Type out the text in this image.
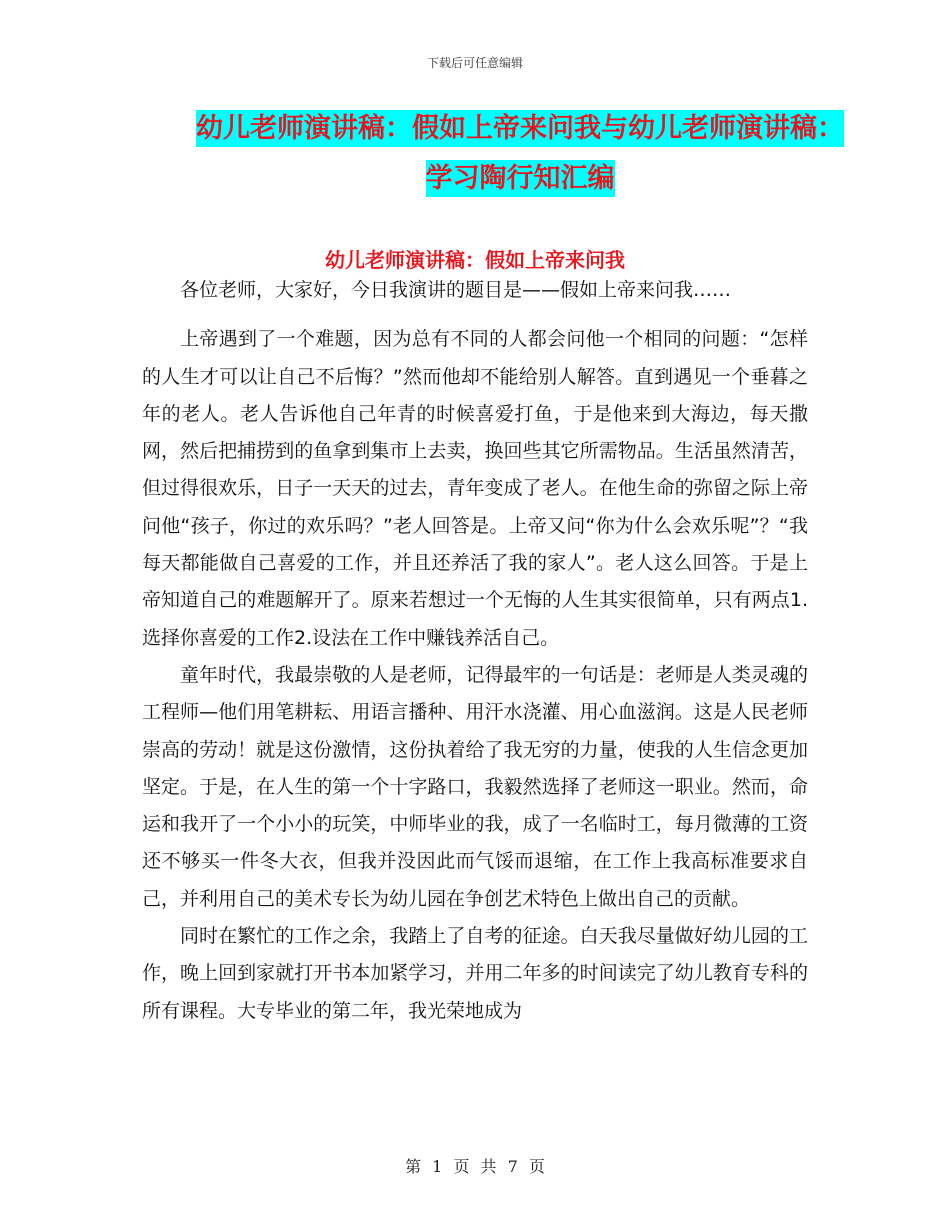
下载后可任意编辑
幼儿老师演讲稿：假如上帝来问我与幼儿老师演讲稿：
学习陶行知汇编
幼儿老师演讲稿：假如上帝来问我

各位老师，大家好，今日我演讲的题目是——假如上帝来问我……

上帝遇到了一个难题，因为总有不同的人都会问他一个相同的问题：“怎样的人生才可以让自己不后悔？”然而他却不能给别人解答。直到遇见一个垂暮之年的老人。老人告诉他自己年青的时候喜爱打鱼，于是他来到大海边，每天撒网，然后把捕捞到的鱼拿到集市上去卖，换回些其它所需物品。生活虽然清苦，但过得很欢乐，日子一天天的过去，青年变成了老人。在他生命的弥留之际上帝问他“孩子，你过的欢乐吗？”老人回答是。上帝又问“你为什么会欢乐呢”？“我每天都能做自己喜爱的工作，并且还养活了我的家人”。老人这么回答。于是上帝知道自己的难题解开了。原来若想过一个无悔的人生其实很简单，只有两点1.选择你喜爱的工作2.设法在工作中赚钱养活自己。

童年时代，我最崇敬的人是老师，记得最牢的一句话是：老师是人类灵魂的工程师—他们用笔耕耘、用语言播种、用汗水浇灌、用心血滋润。这是人民老师崇高的劳动！就是这份激情，这份执着给了我无穷的力量，使我的人生信念更加坚定。于是，在人生的第一个十字路口，我毅然选择了老师这一职业。然而，命运和我开了一个小小的玩笑，中师毕业的我，成了一名临时工，每月微薄的工资还不够买一件冬大衣，但我并没因此而气馁而退缩，在工作上我高标准要求自己，并利用自己的美术专长为幼儿园在争创艺术特色上做出自己的贡献。

同时在繁忙的工作之余，我踏上了自考的征途。白天我尽量做好幼儿园的工作，晚上回到家就打开书本加紧学习，并用二年多的时间读完了幼儿教育专科的所有课程。大专毕业的第二年，我光荣地成为

第 1 页 共 7 页
